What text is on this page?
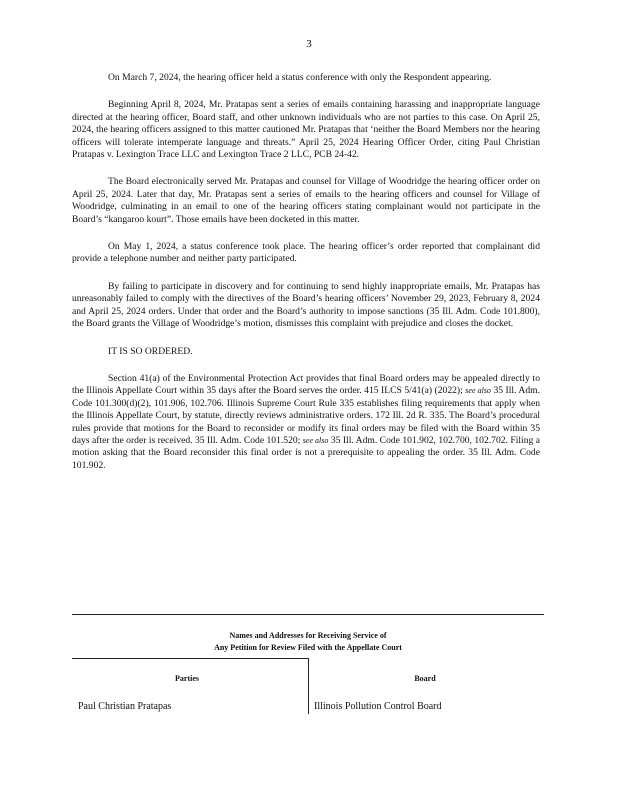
3

On March 7, 2024, the hearing officer held a status conference with only the Respondent appearing.

Beginning April 8, 2024, Mr. Pratapas sent a series of emails containing harassing and inappropriate language directed at the hearing officer, Board staff, and other unknown individuals who are not parties to this case. On April 25, 2024, the hearing officers assigned to this matter cautioned Mr. Pratapas that ‘neither the Board Members nor the hearing officers will tolerate intemperate language and threats.” April 25, 2024 Hearing Officer Order, citing Paul Christian Pratapas v. Lexington Trace LLC and Lexington Trace 2 LLC, PCB 24-42.

The Board electronically served Mr. Pratapas and counsel for Village of Woodridge the hearing officer order on April 25, 2024. Later that day, Mr. Pratapas sent a series of emails to the hearing officers and counsel for Village of Woodridge, culminating in an email to one of the hearing officers stating complainant would not participate in the Board’s “kangaroo kourt”. Those emails have been docketed in this matter.

On May 1, 2024, a status conference took place. The hearing officer’s order reported that complainant did provide a telephone number and neither party participated.

By failing to participate in discovery and for continuing to send highly inappropriate emails, Mr. Pratapas has unreasonably failed to comply with the directives of the Board’s hearing officers’ November 29, 2023, February 8, 2024 and April 25, 2024 orders. Under that order and the Board’s authority to impose sanctions (35 Ill. Adm. Code 101.800), the Board grants the Village of Woodridge’s motion, dismisses this complaint with prejudice and closes the docket.

IT IS SO ORDERED.

Section 41(a) of the Environmental Protection Act provides that final Board orders may be appealed directly to the Illinois Appellate Court within 35 days after the Board serves the order. 415 ILCS 5/41(a) (2022); see also 35 Ill. Adm. Code 101.300(d)(2), 101.906, 102.706. Illinois Supreme Court Rule 335 establishes filing requirements that apply when the Illinois Appellate Court, by statute, directly reviews administrative orders. 172 Ill. 2d R. 335. The Board’s procedural rules provide that motions for the Board to reconsider or modify its final orders may be filed with the Board within 35 days after the order is received. 35 Ill. Adm. Code 101.520; see also 35 Ill. Adm. Code 101.902, 102.700, 102.702. Filing a motion asking that the Board reconsider this final order is not a prerequisite to appealing the order. 35 Ill. Adm. Code 101.902.

Names and Addresses for Receiving Service of
Any Petition for Review Filed with the Appellate Court
Parties	Board
Paul Christian Pratapas	Illinois Pollution Control Board
